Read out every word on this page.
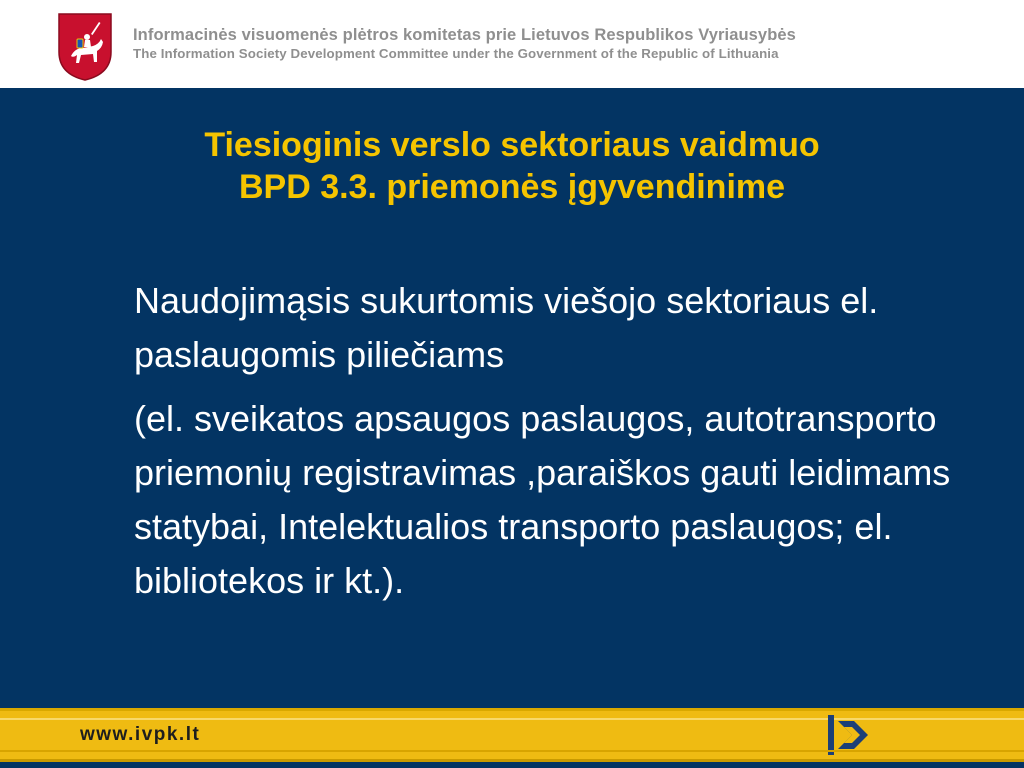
Informacinės visuomenės plėtros komitetas prie Lietuvos Respublikos Vyriausybės
The Information Society Development Committee under the Government of the Republic of Lithuania
Tiesioginis verslo sektoriaus vaidmuo
BPD 3.3. priemonės įgyvendinime

Naudojimąsis sukurtomis viešojo sektoriaus el. paslaugomis piliečiams

(el. sveikatos apsaugos paslaugos, autotransporto priemonių registravimas ,paraiškos gauti leidimams statybai, Intelektualios transporto paslaugos; el. bibliotekos ir kt.).

www.ivpk.lt
